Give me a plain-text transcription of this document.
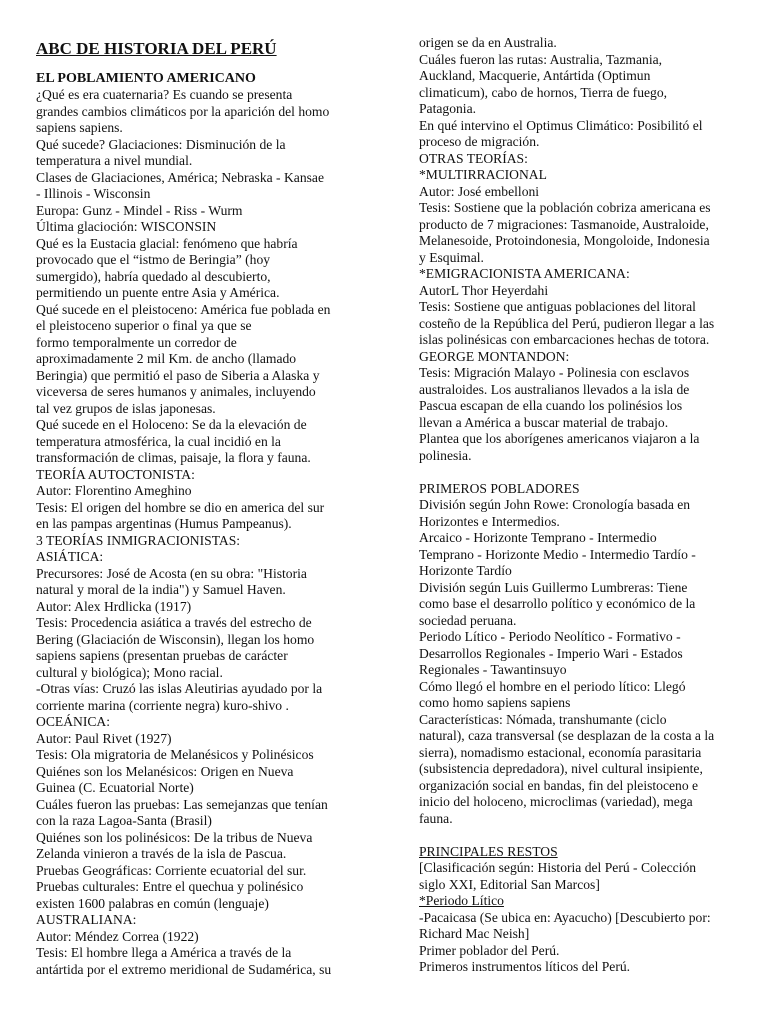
ABC DE HISTORIA DEL PERÚ
EL POBLAMIENTO AMERICANO
¿Qué es era cuaternaria? Es cuando se presenta
grandes cambios climáticos por la aparición del homo
sapiens sapiens.
Qué sucede? Glaciaciones: Disminución de la
temperatura a nivel mundial.
Clases de Glaciaciones, América; Nebraska - Kansae
- Illinois - Wisconsin
Europa: Gunz - Mindel - Riss - Wurm
Última glacioción: WISCONSIN
Qué es la Eustacia glacial: fenómeno que habría
provocado que el “istmo de Beringia” (hoy
sumergido), habría quedado al descubierto,
permitiendo un puente entre Asia y América.
Qué sucede en el pleistoceno: América fue poblada en
el pleistoceno superior o final ya que se
formo temporalmente un corredor de
aproximadamente 2 mil Km. de ancho (llamado
Beringia) que permitió el paso de Siberia a Alaska y
viceversa de seres humanos y animales, incluyendo
tal vez grupos de islas japonesas.
Qué sucede en el Holoceno: Se da la elevación de
temperatura atmosférica, la cual incidió en la
transformación de climas, paisaje, la flora y fauna.
TEORÍA AUTOCTONISTA:
Autor: Florentino Ameghino
Tesis: El origen del hombre se dio en america del sur
en las pampas argentinas (Humus Pampeanus).
3 TEORÍAS INMIGRACIONISTAS:
ASIÁTICA:
Precursores: José de Acosta (en su obra: "Historia
natural y moral de la india") y Samuel Haven.
Autor: Alex Hrdlicka (1917)
Tesis: Procedencia asiática a través del estrecho de
Bering (Glaciación de Wisconsin), llegan los homo
sapiens sapiens (presentan pruebas de carácter
cultural y biológica); Mono racial.
-Otras vías: Cruzó las islas Aleutirias ayudado por la
corriente marina (corriente negra) kuro-shivo .
OCEÁNICA:
Autor: Paul Rivet (1927)
Tesis: Ola migratoria de Melanésicos y Polinésicos
Quiénes son los Melanésicos: Origen en Nueva
Guinea (C. Ecuatorial Norte)
Cuáles fueron las pruebas: Las semejanzas que tenían
con la raza Lagoa-Santa (Brasil)
Quiénes son los polinésicos: De la tribus de Nueva
Zelanda vinieron a través de la isla de Pascua.
Pruebas Geográficas: Corriente ecuatorial del sur.
Pruebas culturales: Entre el quechua y polinésico
existen 1600 palabras en común (lenguaje)
AUSTRALIANA:
Autor: Méndez Correa (1922)
Tesis: El hombre llega a América a través de la
antártida por el extremo meridional de Sudamérica, su
origen se da en Australia.
Cuáles fueron las rutas: Australia, Tazmania,
Auckland, Macquerie, Antártida (Optimun
climaticum), cabo de hornos, Tierra de fuego,
Patagonia.
En qué intervino el Optimus Climático: Posibilitó el
proceso de migración.
OTRAS TEORÍAS:
*MULTIRRACIONAL
Autor: José embelloni
Tesis: Sostiene que la población cobriza americana es
producto de 7 migraciones: Tasmanoide, Australoide,
Melanesoide, Protoindonesia, Mongoloide, Indonesia
y Esquimal.
*EMIGRACIONISTA AMERICANA:
AutorL Thor Heyerdahi
Tesis: Sostiene que antiguas poblaciones del litoral
costeño de la República del Perú, pudieron llegar a las
islas polinésicas con embarcaciones hechas de totora.
GEORGE MONTANDON:
Tesis: Migración Malayo - Polinesia con esclavos
australoides. Los australianos llevados a la isla de
Pascua escapan de ella cuando los polinésios los
llevan a América a buscar material de trabajo.
Plantea que los aborígenes americanos viajaron a la
polinesia.

PRIMEROS POBLADORES
División según John Rowe: Cronología basada en
Horizontes e Intermedios.
Arcaico - Horizonte Temprano - Intermedio
Temprano - Horizonte Medio - Intermedio Tardío -
Horizonte Tardío
División según Luis Guillermo Lumbreras: Tiene
como base el desarrollo político y económico de la
sociedad peruana.
Periodo Lítico - Periodo Neolítico - Formativo -
Desarrollos Regionales - Imperio Wari - Estados
Regionales - Tawantinsuyo
Cómo llegó el hombre en el periodo lítico: Llegó
como homo sapiens sapiens
Características: Nómada, transhumante (ciclo
natural), caza transversal (se desplazan de la costa a la
sierra), nomadismo estacional, economía parasitaria
(subsistencia depredadora), nivel cultural insipiente,
organización social en bandas, fin del pleistoceno e
inicio del holoceno, microclimas (variedad), mega
fauna.

PRINCIPALES RESTOS
[Clasificación según: Historia del Perú - Colección
siglo XXI, Editorial San Marcos]
*Periodo Lítico
-Pacaicasa (Se ubica en: Ayacucho) [Descubierto por:
Richard Mac Neish]
Primer poblador del Perú.
Primeros instrumentos líticos del Perú.
